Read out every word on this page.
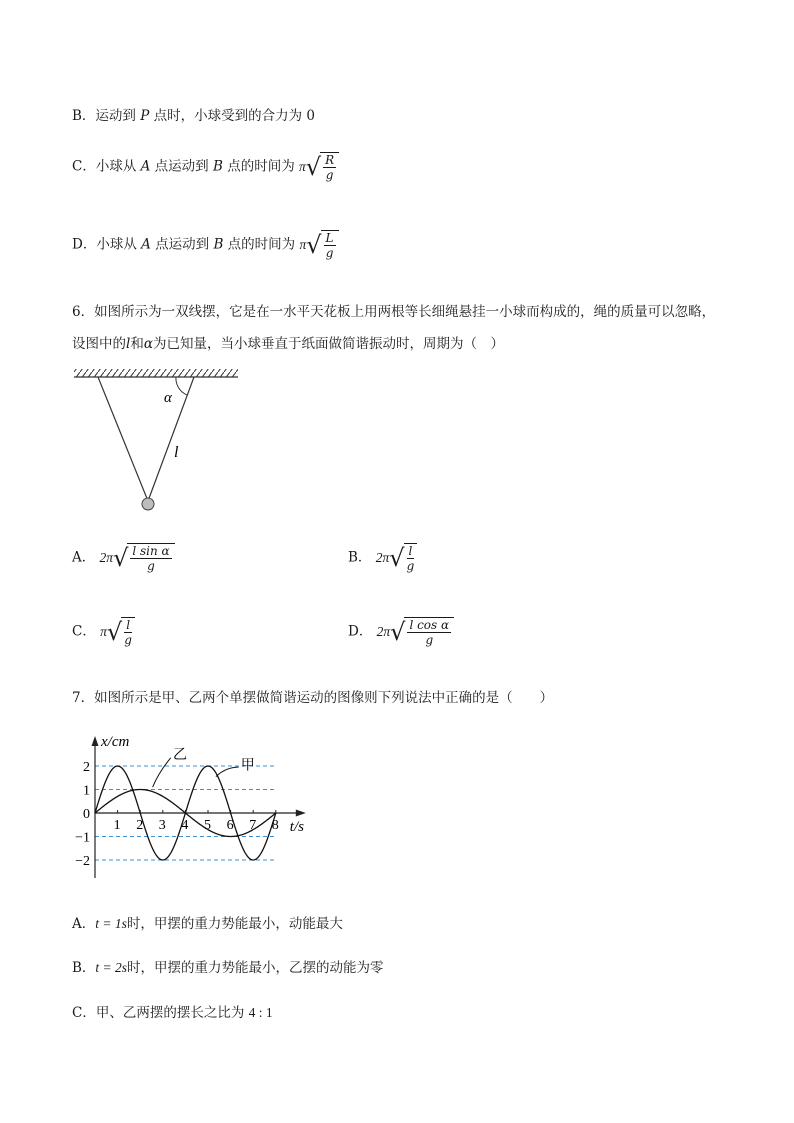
B．运动到 P 点时，小球受到的合力为 0
C．小球从 A 点运动到 B 点的时间为 π √ $\frac{R}{g}$
D．小球从 A 点运动到 B 点的时间为 π √ $\frac{L}{g}$
6．如图所示为一双线摆，它是在一水平天花板上用两根等长细绳悬挂一小球而构成的，绳的质量可以忽略，
设图中的l和α为已知量，当小球垂直于纸面做简谐振动时，周期为（　）
α
l
A． 2π √ $\frac{\text{l sin α}}{g}$	B． 2π √ $\frac{l}{g}$
C． π √ $\frac{l}{g}$	D． 2π √ $\frac{\text{l cos α}}{g}$
7．如图所示是甲、乙两个单摆做简谐运动的图像则下列说法中正确的是（　　）
1 2 3 4 5 6 7 8
2
1
0
−1
−2
x/cm
t/s
乙
甲
A．t = 1s时，甲摆的重力势能最小，动能最大
B．t = 2s时，甲摆的重力势能最小，乙摆的动能为零
C．甲、乙两摆的摆长之比为 4 : 1
